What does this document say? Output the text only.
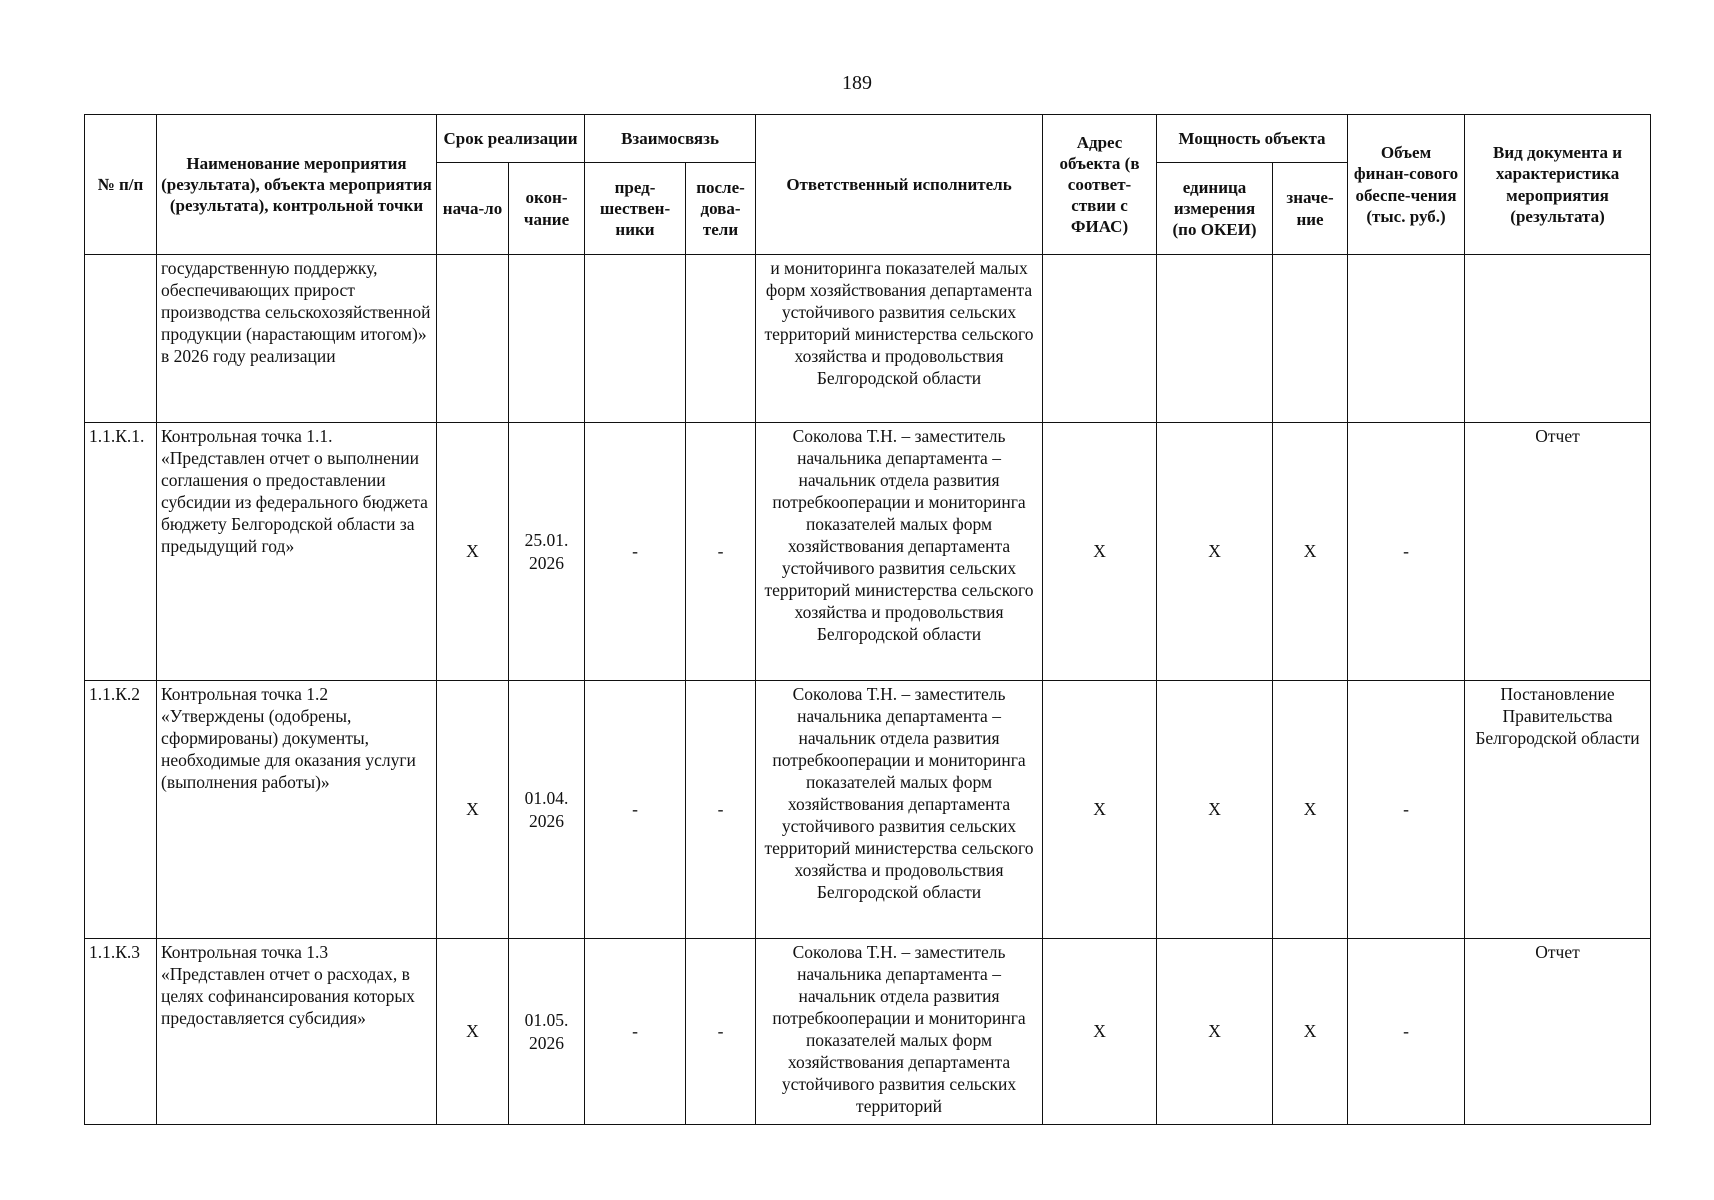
189
№ п/п	Наименование мероприятия (результата), объекта мероприятия (результата), контрольной точки	Срок реализации		Взаимосвязь		Ответственный исполнитель	Адрес объекта (в соответ-ствии с ФИАС)	Мощность объекта		Объем финан-сового обеспе-чения (тыс. руб.)	Вид документа и характеристика мероприятия (результата)
		нача-ло	окон-чание	пред-шествен-ники	после-дова-тели			единица измерения (по ОКЕИ)	значе-ние		
	государственную поддержку, обеспечивающих прирост производства сельскохозяйственной продукции (нарастающим итогом)» в 2026 году реализации					и мониторинга показателей малых форм хозяйствования департамента устойчивого развития сельских территорий министерства сельского хозяйства и продовольствия Белгородской области					
1.1.К.1.	Контрольная точка 1.1. «Представлен отчет о выполнении соглашения о предоставлении субсидии из федерального бюджета бюджету Белгородской области за предыдущий год»	Х	25.01. 2026	-	-	Соколова Т.Н. – заместитель начальника департамента – начальник отдела развития потребкооперации и мониторинга показателей малых форм хозяйствования департамента устойчивого развития сельских территорий министерства сельского хозяйства и продовольствия Белгородской области	Х	Х	Х	-	Отчет
1.1.К.2	Контрольная точка 1.2 «Утверждены (одобрены, сформированы) документы, необходимые для оказания услуги (выполнения работы)»	Х	01.04. 2026	-	-	Соколова Т.Н. – заместитель начальника департамента – начальник отдела развития потребкооперации и мониторинга показателей малых форм хозяйствования департамента устойчивого развития сельских территорий министерства сельского хозяйства и продовольствия Белгородской области	Х	Х	Х	-	Постановление Правительства Белгородской области
1.1.К.3	Контрольная точка 1.3 «Представлен отчет о расходах, в целях софинансирования которых предоставляется субсидия»	Х	01.05. 2026	-	-	Соколова Т.Н. – заместитель начальника департамента – начальник отдела развития потребкооперации и мониторинга показателей малых форм хозяйствования департамента устойчивого развития сельских территорий	Х	Х	Х	-	Отчет
